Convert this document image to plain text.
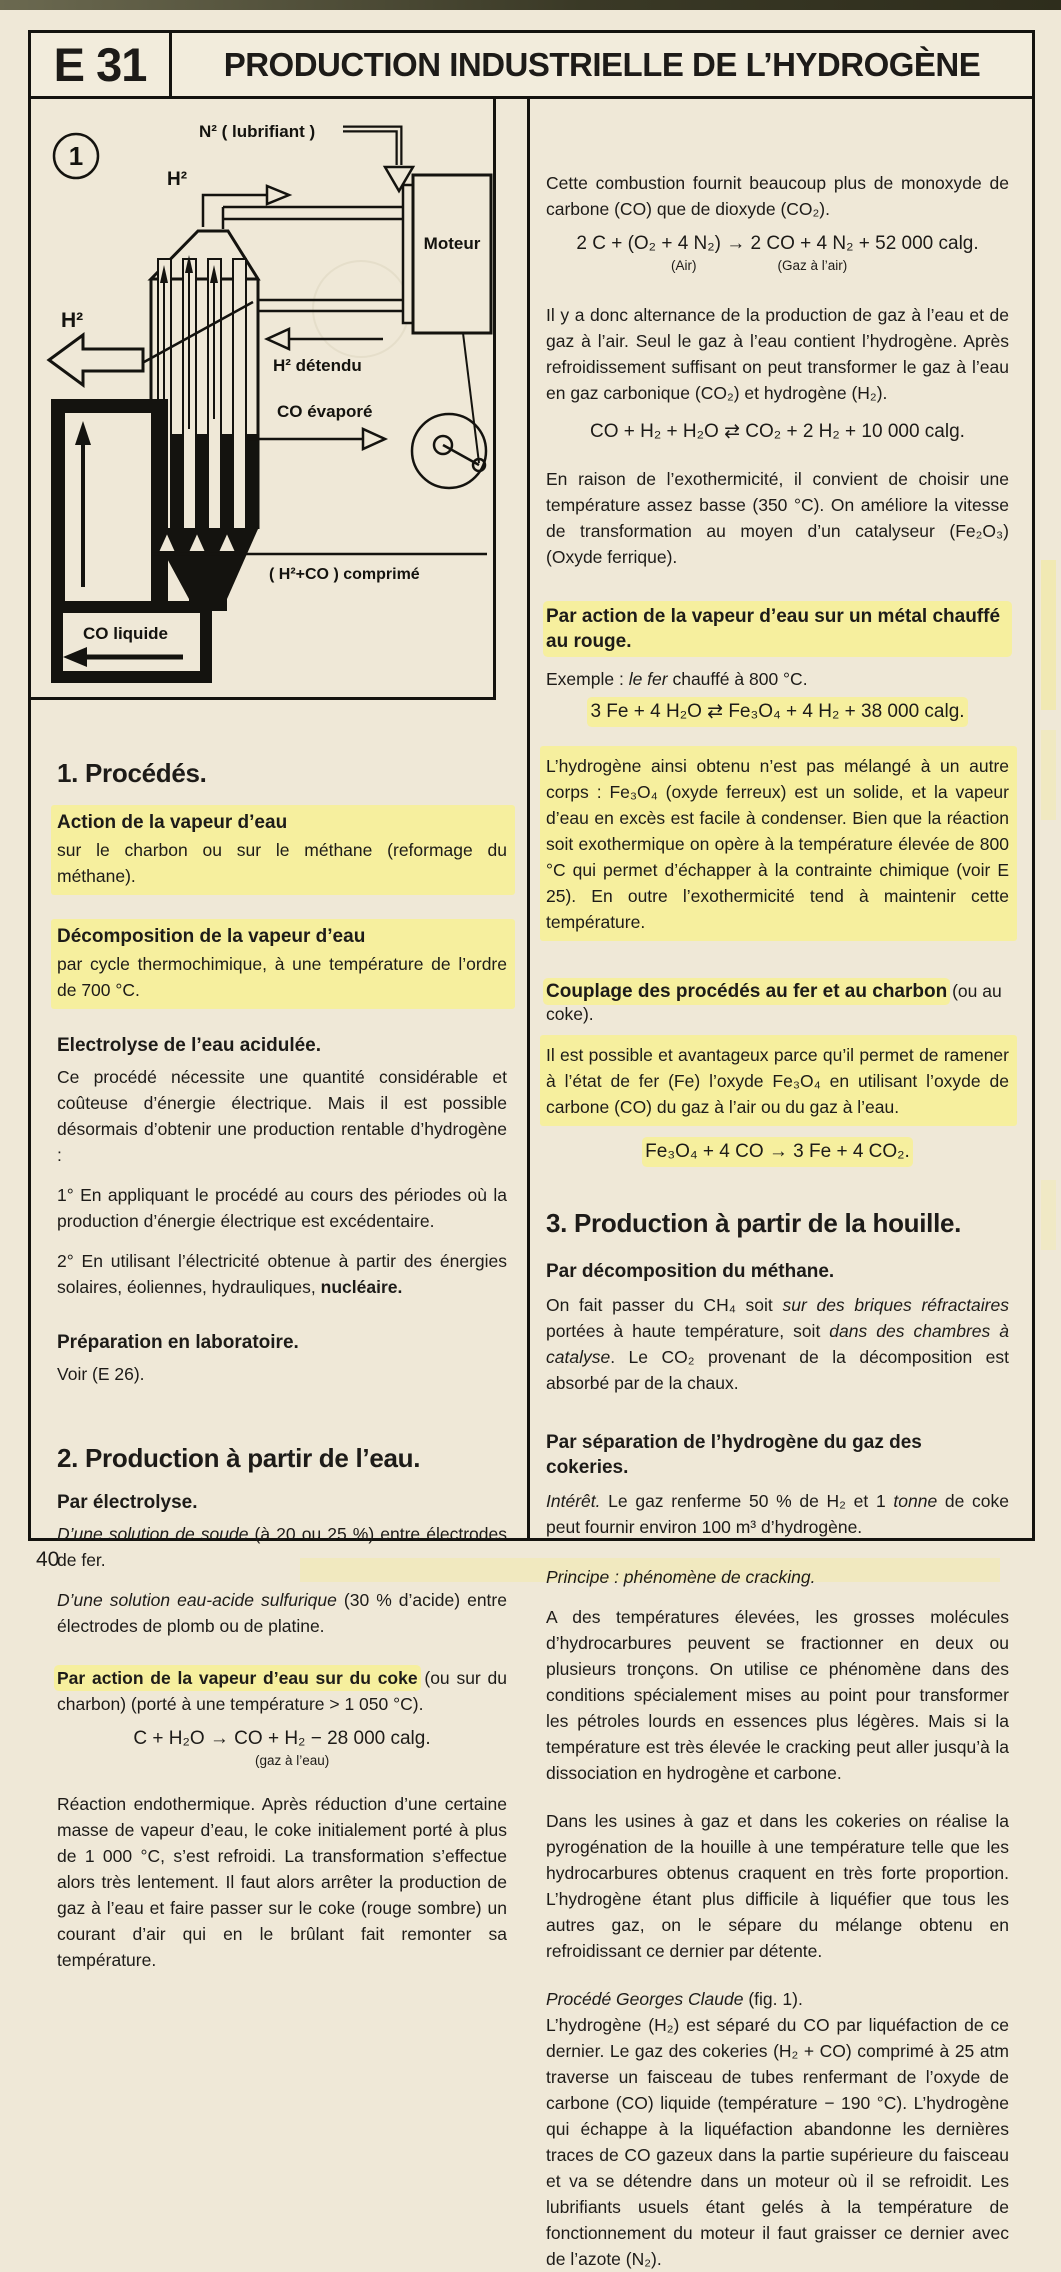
E 31	PRODUCTION INDUSTRIELLE DE L’HYDROGÈNE
1
N² ( lubrifiant )
H²
H²
H² détendu
CO évaporé
( H²+CO ) comprimé
CO liquide
Moteur
1. Procédés.
Action de la vapeur d’eau

sur le charbon ou sur le méthane (reformage du méthane).

Décomposition de la vapeur d’eau

par cycle thermochimique, à une température de l’ordre de 700 °C.

Electrolyse de l’eau acidulée.

Ce procédé nécessite une quantité considérable et coûteuse d’énergie électrique. Mais il est possible désormais d’obtenir une production rentable d’hydrogène :

1° En appliquant le procédé au cours des périodes où la production d’énergie électrique est excédentaire.

2° En utilisant l’électricité obtenue à partir des énergies solaires, éoliennes, hydrauliques, nucléaire.

Préparation en laboratoire.

Voir (E 26).

2. Production à partir de l’eau.
Par électrolyse.

D’une solution de soude (à 20 ou 25 %) entre électrodes de fer.

D’une solution eau-acide sulfurique (30 % d’acide) entre électrodes de plomb ou de platine.

Par action de la vapeur d’eau sur du coke (ou sur du charbon) (porté à une température > 1 050 °C).

C + H₂O → CO + H₂ − 28 000 calg.
(gaz à l’eau)

Réaction endothermique. Après réduction d’une certaine masse de vapeur d’eau, le coke initialement porté à plus de 1 000 °C, s’est refroidi. La transformation s’effectue alors très lentement. Il faut alors arrêter la production de gaz à l’eau et faire passer sur le coke (rouge sombre) un courant d’air qui en le brûlant fait remonter sa température.

Cette combustion fournit beaucoup plus de monoxyde de carbone (CO) que de dioxyde (CO₂).

2 C + (O₂ + 4 N₂) → 2 CO + 4 N₂ + 52 000 calg.
(Air)	(Gaz à l’air)

Il y a donc alternance de la production de gaz à l’eau et de gaz à l’air. Seul le gaz à l’eau contient l’hydrogène. Après refroidissement suffisant on peut transformer le gaz à l’eau en gaz carbonique (CO₂) et hydrogène (H₂).

CO + H₂ + H₂O ⇄ CO₂ + 2 H₂ + 10 000 calg.

En raison de l’exothermicité, il convient de choisir une température assez basse (350 °C). On améliore la vitesse de transformation au moyen d’un catalyseur (Fe₂O₃) (Oxyde ferrique).

Par action de la vapeur d’eau sur un métal chauffé au rouge.

Exemple : le fer chauffé à 800 °C.

3 Fe + 4 H₂O ⇄ Fe₃O₄ + 4 H₂ + 38 000 calg.

L’hydrogène ainsi obtenu n’est pas mélangé à un autre corps : Fe₃O₄ (oxyde ferreux) est un solide, et la vapeur d’eau en excès est facile à condenser. Bien que la réaction soit exothermique on opère à la température élevée de 800 °C qui permet d’échapper à la contrainte chimique (voir E 25). En outre l’exothermicité tend à maintenir cette température.

Couplage des procédés au fer et au charbon (ou au coke).

Il est possible et avantageux parce qu’il permet de ramener à l’état de fer (Fe) l’oxyde Fe₃O₄ en utilisant l’oxyde de carbone (CO) du gaz à l’air ou du gaz à l’eau.

Fe₃O₄ + 4 CO → 3 Fe + 4 CO₂.
3. Production à partir de la houille.
Par décomposition du méthane.

On fait passer du CH₄ soit sur des briques réfractaires portées à haute température, soit dans des chambres à catalyse. Le CO₂ provenant de la décomposition est absorbé par de la chaux.

Par séparation de l’hydrogène du gaz des cokeries.

Intérêt. Le gaz renferme 50 % de H₂ et 1 tonne de coke peut fournir environ 100 m³ d’hydrogène.

Principe : phénomène de cracking.

A des températures élevées, les grosses molécules d’hydrocarbures peuvent se fractionner en deux ou plusieurs tronçons. On utilise ce phénomène dans des conditions spécialement mises au point pour transformer les pétroles lourds en essences plus légères. Mais si la température est très élevée le cracking peut aller jusqu’à la dissociation en hydrogène et carbone.

Dans les usines à gaz et dans les cokeries on réalise la pyrogénation de la houille à une température telle que les hydrocarbures obtenus craquent en très forte proportion. L’hydrogène étant plus difficile à liquéfier que tous les autres gaz, on le sépare du mélange obtenu en refroidissant ce dernier par détente.

Procédé Georges Claude (fig. 1).

L’hydrogène (H₂) est séparé du CO par liquéfaction de ce dernier. Le gaz des cokeries (H₂ + CO) comprimé à 25 atm traverse un faisceau de tubes renfermant de l’oxyde de carbone (CO) liquide (température − 190 °C). L’hydrogène qui échappe à la liquéfaction abandonne les dernières traces de CO gazeux dans la partie supérieure du faisceau et va se détendre dans un moteur où il se refroidit. Les lubrifiants usuels étant gelés à la température de fonctionnement du moteur il faut graisser ce dernier avec de l’azote (N₂).

40
